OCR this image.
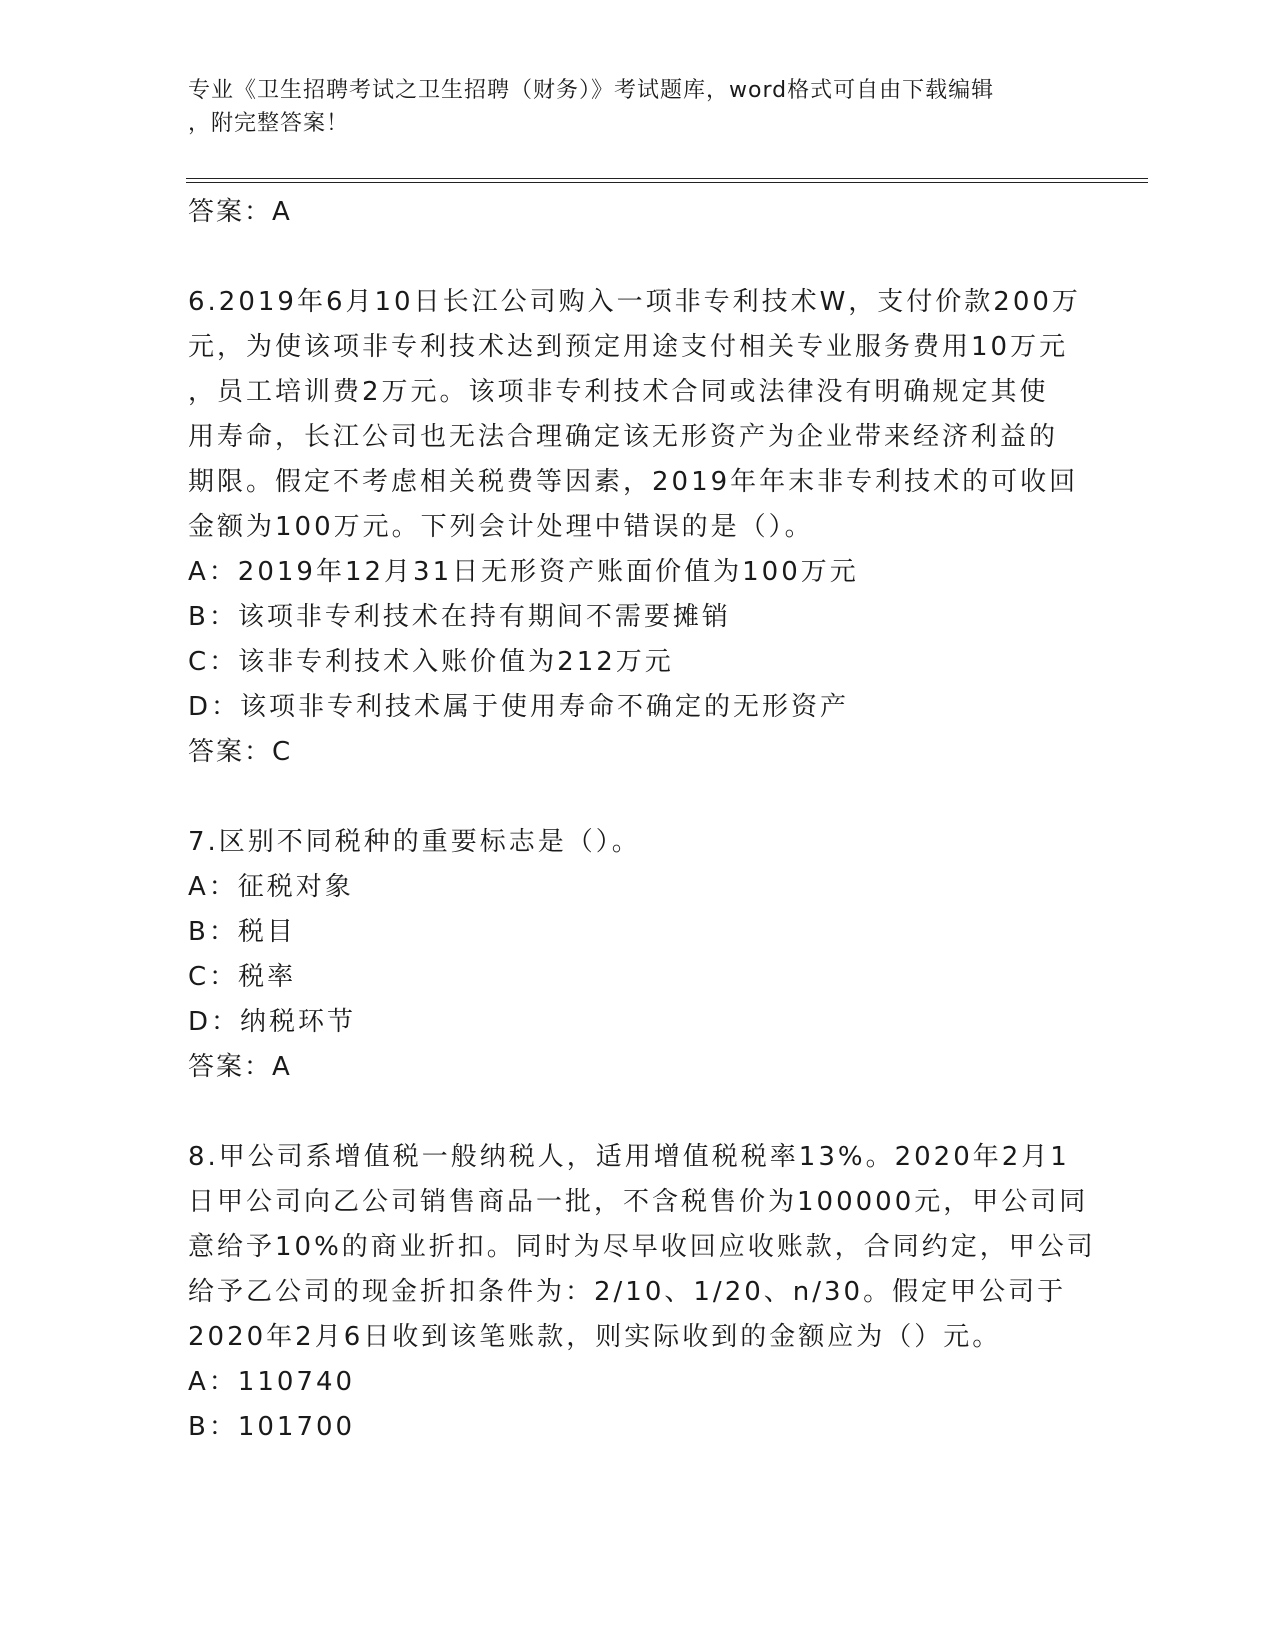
专业《卫生招聘考试之卫生招聘（财务）》考试题库，word格式可自由下载编辑
，附完整答案！
答案：A
6.2019年6月10日长江公司购入一项非专利技术W，支付价款200万
元，为使该项非专利技术达到预定用途支付相关专业服务费用10万元
，员工培训费2万元。该项非专利技术合同或法律没有明确规定其使
用寿命，长江公司也无法合理确定该无形资产为企业带来经济利益的
期限。假定不考虑相关税费等因素，2019年年末非专利技术的可收回
金额为100万元。下列会计处理中错误的是（）。
A：2019年12月31日无形资产账面价值为100万元
B：该项非专利技术在持有期间不需要摊销
C：该非专利技术入账价值为212万元
D：该项非专利技术属于使用寿命不确定的无形资产
答案：C
7.区别不同税种的重要标志是（）。
A：征税对象
B：税目
C：税率
D：纳税环节
答案：A
8.甲公司系增值税一般纳税人，适用增值税税率13%。2020年2月1
日甲公司向乙公司销售商品一批，不含税售价为100000元，甲公司同
意给予10%的商业折扣。同时为尽早收回应收账款，合同约定，甲公司
给予乙公司的现金折扣条件为：2/10、1/20、n/30。假定甲公司于
2020年2月6日收到该笔账款，则实际收到的金额应为（）元。
A：110740
B：101700
